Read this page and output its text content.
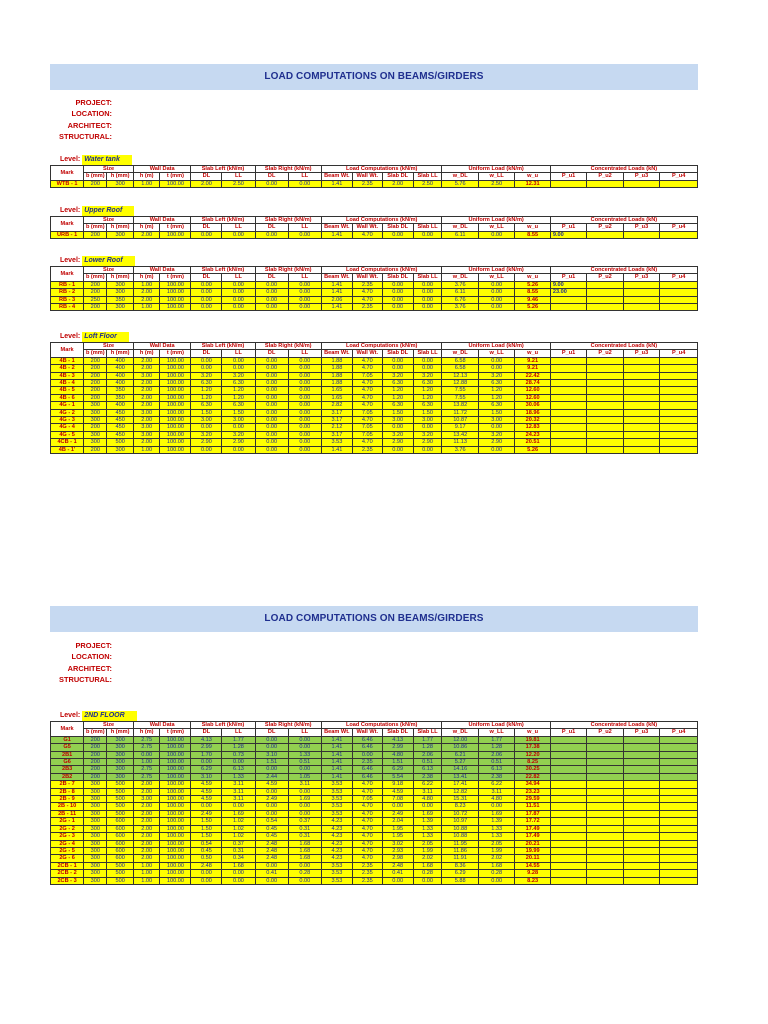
LOAD COMPUTATIONS ON BEAMS/GIRDERS
PROJECT:
LOCATION:
ARCHITECT:
STRUCTURAL:
Level: Water tank
Mark	Size		Wall Data		Slab Left (kN/m)		Slab Right (kN/m)		Load Computations (kN/m)				Uniform Load (kN/m)			Concentrated Loads (kN)			
	b (mm)	h (mm)	h (m)	t (mm)	DL	LL	DL	LL	Beam Wt.	Wall Wt.	Slab DL	Slab LL	w_DL	w_LL	w_u	P_u1	P_u2	P_u3	P_u4
WTB - 1	200	300	1.00	100.00	2.00	2.50	0.00	0.00	1.41	2.35	2.00	2.50	5.76	2.50	12.31				
Level: Upper Roof
Mark	Size		Wall Data		Slab Left (kN/m)		Slab Right (kN/m)		Load Computations (kN/m)				Uniform Load (kN/m)			Concentrated Loads (kN)			
	b (mm)	h (mm)	h (m)	t (mm)	DL	LL	DL	LL	Beam Wt.	Wall Wt.	Slab DL	Slab LL	w_DL	w_LL	w_u	P_u1	P_u2	P_u3	P_u4
URB - 1	200	300	2.00	100.00	0.00	0.00	0.00	0.00	1.41	4.70	0.00	0.00	6.11	0.00	8.55	9.00			
Level: Lower Roof
Mark	Size		Wall Data		Slab Left (kN/m)		Slab Right (kN/m)		Load Computations (kN/m)				Uniform Load (kN/m)			Concentrated Loads (kN)			
	b (mm)	h (mm)	h (m)	t (mm)	DL	LL	DL	LL	Beam Wt.	Wall Wt.	Slab DL	Slab LL	w_DL	w_LL	w_u	P_u1	P_u2	P_u3	P_u4
RB - 1	200	300	1.00	100.00	0.00	0.00	0.00	0.00	1.41	2.35	0.00	0.00	3.76	0.00	5.26	9.00			
RB - 2	200	300	2.00	100.00	0.00	0.00	0.00	0.00	1.41	4.70	0.00	0.00	6.11	0.00	8.55	23.00			
RB - 3	250	350	2.00	100.00	0.00	0.00	0.00	0.00	2.06	4.70	0.00	0.00	6.76	0.00	9.46				
RB - 4	200	300	1.00	100.00	0.00	0.00	0.00	0.00	1.41	2.35	0.00	0.00	3.76	0.00	5.26				
Level: Loft Floor
Mark	Size		Wall Data		Slab Left (kN/m)		Slab Right (kN/m)		Load Computations (kN/m)				Uniform Load (kN/m)			Concentrated Loads (kN)			
	b (mm)	h (mm)	h (m)	t (mm)	DL	LL	DL	LL	Beam Wt.	Wall Wt.	Slab DL	Slab LL	w_DL	w_LL	w_u	P_u1	P_u2	P_u3	P_u4
4B - 1	200	400	2.00	100.00	0.00	0.00	0.00	0.00	1.88	4.70	0.00	0.00	6.58	0.00	9.21				
4B - 2	200	400	2.00	100.00	0.00	0.00	0.00	0.00	1.88	4.70	0.00	0.00	6.58	0.00	9.21				
4B - 3	200	400	3.00	100.00	3.20	3.20	0.00	0.00	1.88	7.05	3.20	3.20	12.13	3.20	22.42				
4B - 4	200	400	2.00	100.00	6.30	6.30	0.00	0.00	1.88	4.70	6.30	6.30	12.88	6.30	28.74				
4B - 5	200	350	2.00	100.00	1.20	1.20	0.00	0.00	1.65	4.70	1.20	1.20	7.55	1.20	12.60				
4B - 6	200	350	2.00	100.00	1.20	1.20	0.00	0.00	1.65	4.70	1.20	1.20	7.55	1.20	12.60				
4G - 1	300	400	2.00	100.00	6.30	6.30	0.00	0.00	2.82	4.70	6.30	6.30	13.82	6.30	30.06				
4G - 2	300	450	3.00	100.00	1.50	1.50	0.00	0.00	3.17	7.05	1.50	1.50	11.72	1.50	18.96				
4G - 3	300	450	2.00	100.00	3.00	3.00	0.00	0.00	3.17	4.70	3.00	3.00	10.87	3.00	20.32				
4G - 4	200	450	3.00	100.00	0.00	0.00	0.00	0.00	2.12	7.05	0.00	0.00	9.17	0.00	12.83				
4G - 5	300	450	3.00	100.00	3.20	3.20	0.00	0.00	3.17	7.05	3.20	3.20	13.42	3.20	24.23				
4CB - 1	300	500	2.00	100.00	2.90	2.90	0.00	0.00	3.53	4.70	2.90	2.90	11.13	2.90	20.51				
4B - 1'	200	300	1.00	100.00	0.00	0.00	0.00	0.00	1.41	2.35	0.00	0.00	3.76	0.00	5.26				
LOAD COMPUTATIONS ON BEAMS/GIRDERS
PROJECT:
LOCATION:
ARCHITECT:
STRUCTURAL:
Level: 2ND FLOOR
Mark	Size		Wall Data		Slab Left (kN/m)		Slab Right (kN/m)		Load Computations (kN/m)				Uniform Load (kN/m)			Concentrated Loads (kN)			
	b (mm)	h (mm)	h (m)	t (mm)	DL	LL	DL	LL	Beam Wt.	Wall Wt.	Slab DL	Slab LL	w_DL	w_LL	w_u	P_u1	P_u2	P_u3	P_u4
G1	200	300	2.75	100.00	4.13	1.77	0.00	0.00	1.41	6.46	4.13	1.77	12.00	1.77	19.81				
G5	200	300	2.75	100.00	2.99	1.28	0.00	0.00	1.41	6.46	2.99	1.28	10.86	1.28	17.38				
2B1	200	300	0.00	100.00	1.70	0.73	3.10	1.33	1.41	0.00	4.80	2.06	6.21	2.06	12.20				
G6	200	300	1.00	100.00	0.00	0.00	1.51	0.51	1.41	2.35	1.51	0.51	5.27	0.51	8.25				
2B3	200	300	2.75	100.00	6.29	6.13	0.00	0.00	1.41	6.46	6.29	6.13	14.16	6.13	30.25				
2B2	200	300	2.75	100.00	3.10	1.33	2.44	1.05	1.41	6.46	5.54	2.38	13.41	2.38	22.82				
2B - 7	300	500	2.00	100.00	4.59	3.11	4.59	3.11	3.53	4.70	9.18	6.22	17.41	6.22	34.94				
2B - 8	300	500	2.00	100.00	4.59	3.11	0.00	0.00	3.53	4.70	4.59	3.11	12.82	3.11	23.23				
2B - 9	300	500	3.00	100.00	4.59	3.11	2.49	1.69	3.53	7.05	7.08	4.80	15.31	4.80	29.59				
2B - 10	300	500	2.00	100.00	0.00	0.00	0.00	0.00	3.53	4.70	0.00	0.00	8.23	0.00	11.51				
2B - 11	300	500	2.00	100.00	2.49	1.69	0.00	0.00	3.53	4.70	2.49	1.69	10.72	1.69	17.87				
2G - 1	300	600	2.00	100.00	1.50	1.02	0.54	0.37	4.23	4.70	2.04	1.39	10.97	1.39	17.72				
2G - 2	300	600	2.00	100.00	1.50	1.02	0.45	0.31	4.23	4.70	1.95	1.33	10.88	1.33	17.49				
2G - 3	300	600	2.00	100.00	1.50	1.02	0.45	0.31	4.23	4.70	1.95	1.33	10.88	1.33	17.49				
2G - 4	300	600	2.00	100.00	0.54	0.37	2.48	1.68	4.23	4.70	3.02	2.05	11.95	2.05	20.21				
2G - 5	300	600	2.00	100.00	0.45	0.31	2.48	1.68	4.23	4.70	2.93	1.99	11.86	1.99	19.99				
2G - 6	300	600	2.00	100.00	0.50	0.34	2.48	1.68	4.23	4.70	2.98	2.02	11.91	2.02	20.11				
2CB - 1	300	500	1.00	100.00	2.48	1.68	0.00	0.00	3.53	2.35	2.48	1.68	8.36	1.68	14.55				
2CB - 2	300	500	1.00	100.00	0.00	0.00	0.41	0.28	3.53	2.35	0.41	0.28	6.29	0.28	9.28				
2CB - 3	300	500	1.00	100.00	0.00	0.00	0.00	0.00	3.53	2.35	0.00	0.00	5.88	0.00	8.23				
